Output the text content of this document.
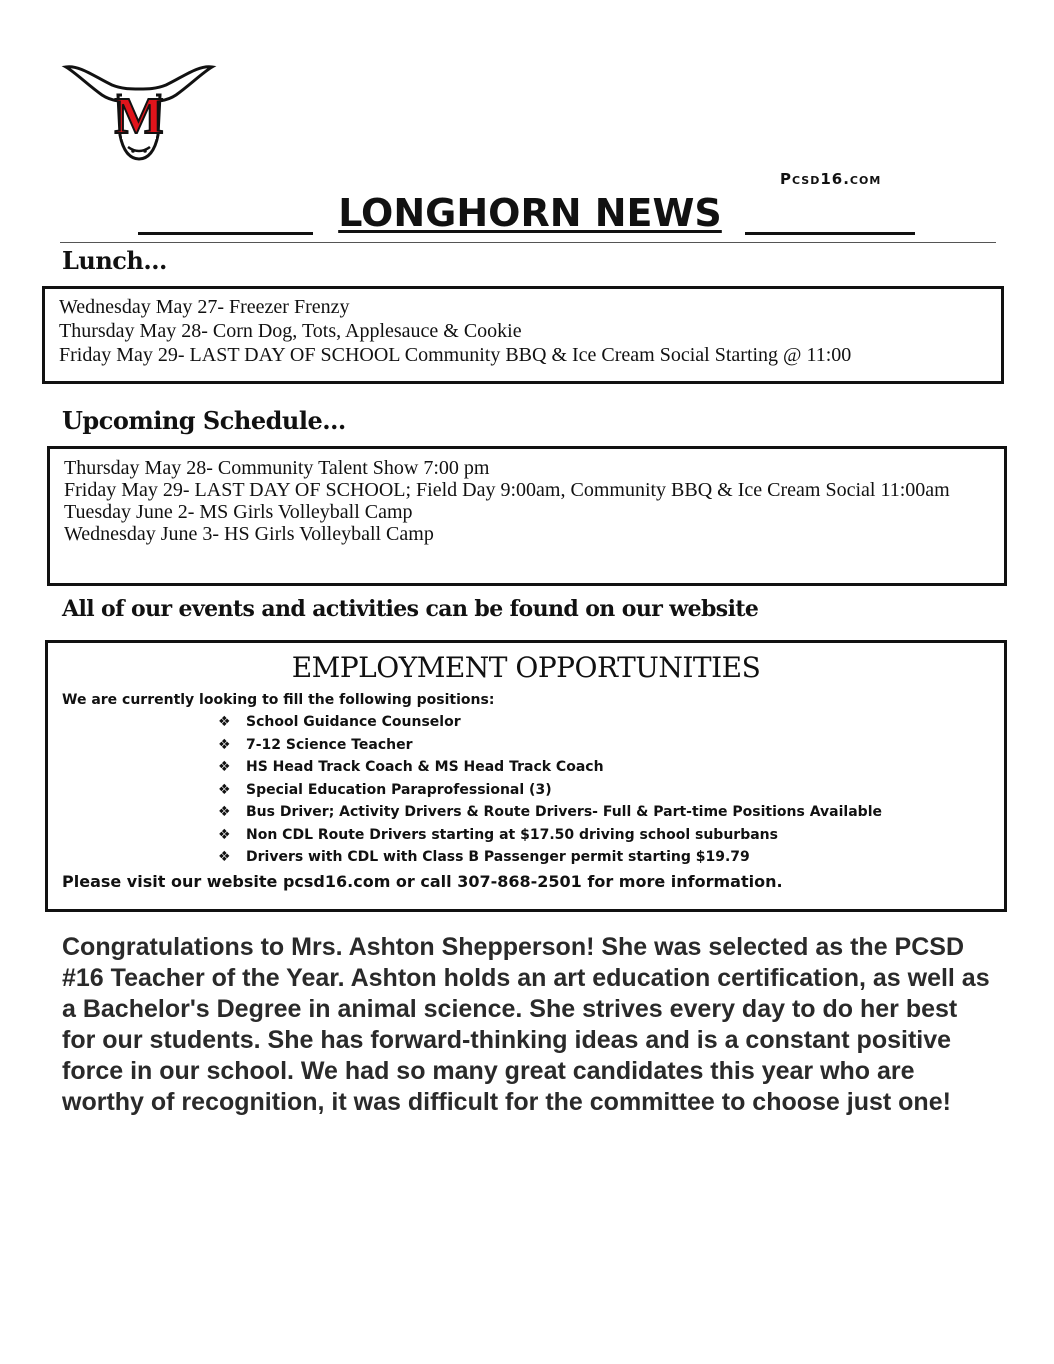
M
Pcsd16.com
LONGHORN NEWS
Lunch…
Wednesday May 27- Freezer Frenzy
Thursday May 28- Corn Dog, Tots, Applesauce & Cookie
Friday May 29- LAST DAY OF SCHOOL Community BBQ & Ice Cream Social Starting @ 11:00
Upcoming Schedule…
Thursday May 28- Community Talent Show 7:00 pm
Friday May 29- LAST DAY OF SCHOOL; Field Day 9:00am, Community BBQ & Ice Cream Social 11:00am
Tuesday June 2- MS Girls Volleyball Camp
Wednesday June 3- HS Girls Volleyball Camp
All of our events and activities can be found on our website
EMPLOYMENT OPPORTUNITIES
We are currently looking to fill the following positions:
❖ School Guidance Counselor
❖ 7-12 Science Teacher
❖ HS Head Track Coach & MS Head Track Coach
❖ Special Education Paraprofessional (3)
❖ Bus Driver; Activity Drivers & Route Drivers- Full & Part-time Positions Available
❖ Non CDL Route Drivers starting at $17.50 driving school suburbans
❖ Drivers with CDL with Class B Passenger permit starting $19.79
Please visit our website pcsd16.com or call 307-868-2501 for more information.
Congratulations to Mrs. Ashton Shepperson! She was selected as the PCSD #16 Teacher of the Year. Ashton holds an art education certification, as well as a Bachelor's Degree in animal science. She strives every day to do her best for our students. She has forward-thinking ideas and is a constant positive force in our school. We had so many great candidates this year who are worthy of recognition, it was difficult for the committee to choose just one!
